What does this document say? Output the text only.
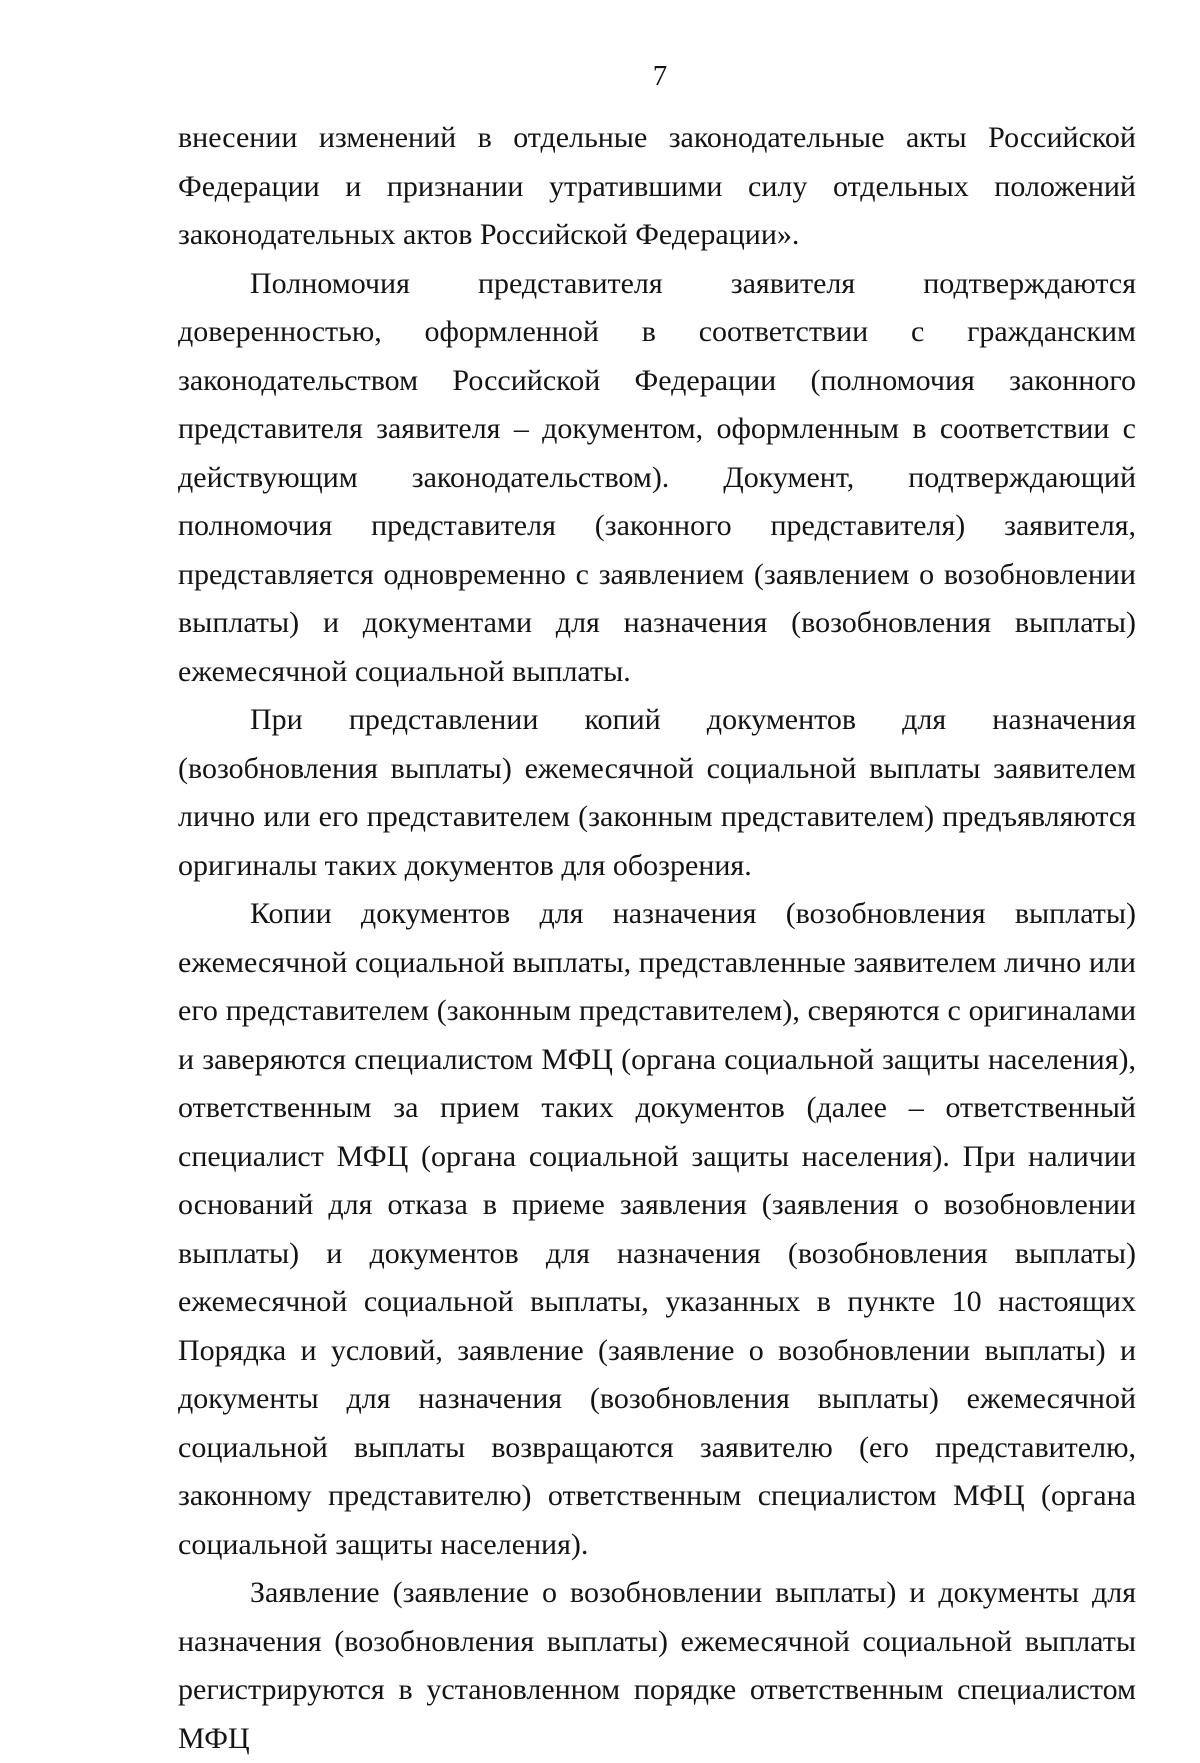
7

внесении изменений в отдельные законодательные акты Российской Федерации и признании утратившими силу отдельных положений законодательных актов Российской Федерации».

Полномочия представителя заявителя подтверждаются доверенностью, оформленной в соответствии с гражданским законодательством Российской Федерации (полномочия законного представителя заявителя – документом, оформленным в соответствии с действующим законодательством). Документ, подтверждающий полномочия представителя (законного представителя) заявителя, представляется одновременно с заявлением (заявлением о возобновлении выплаты) и документами для назначения (возобновления выплаты) ежемесячной социальной выплаты.

При представлении копий документов для назначения (возобновления выплаты) ежемесячной социальной выплаты заявителем лично или его представителем (законным представителем) предъявляются оригиналы таких документов для обозрения.

Копии документов для назначения (возобновления выплаты) ежемесячной социальной выплаты, представленные заявителем лично или его представителем (законным представителем), сверяются с оригиналами и заверяются специалистом МФЦ (органа социальной защиты населения), ответственным за прием таких документов (далее – ответственный специалист МФЦ (органа социальной защиты населения). При наличии оснований для отказа в приеме заявления (заявления о возобновлении выплаты) и документов для назначения (возобновления выплаты) ежемесячной социальной выплаты, указанных в пункте 10 настоящих Порядка и условий, заявление (заявление о возобновлении выплаты) и документы для назначения (возобновления выплаты) ежемесячной социальной выплаты возвращаются заявителю (его представителю, законному представителю) ответственным специалистом МФЦ (органа социальной защиты населения).

Заявление (заявление о возобновлении выплаты) и документы для назначения (возобновления выплаты) ежемесячной социальной выплаты регистрируются в установленном порядке ответственным специалистом МФЦ
